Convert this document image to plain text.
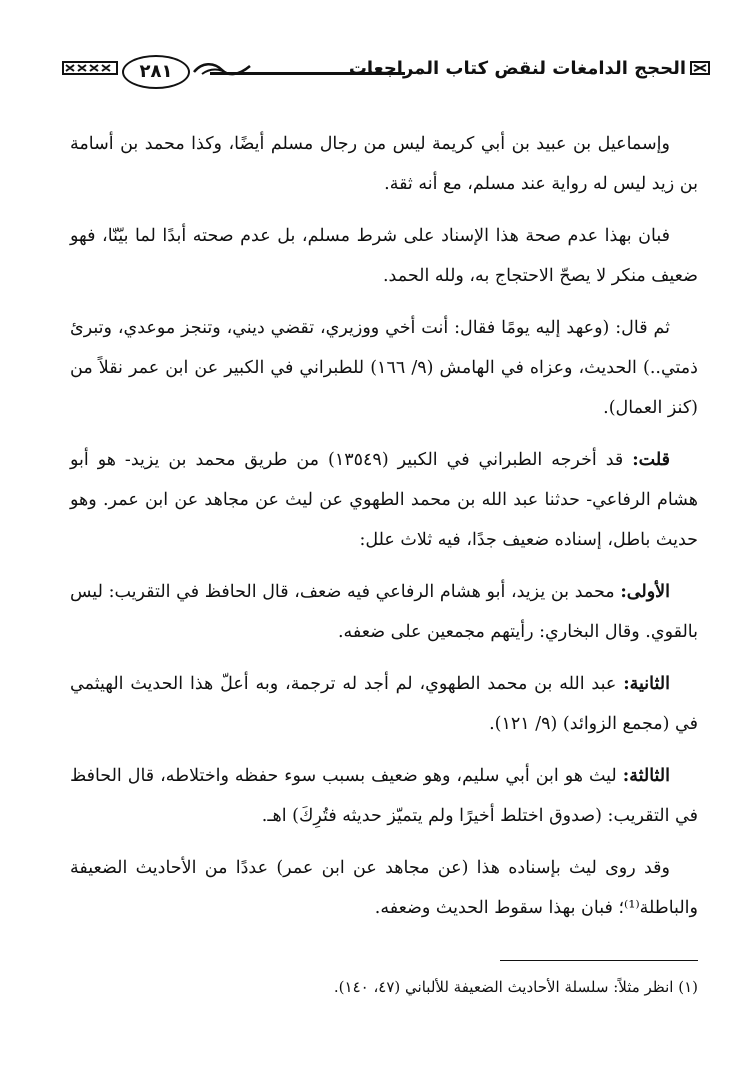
الحجج الدامغات لنقض كتاب المراجعات
٢٨١

وإسماعيل بن عبيد بن أبي كريمة ليس من رجال مسلم أيضًا، وكذا محمد بن أسامة بن زيد ليس له رواية عند مسلم، مع أنه ثقة.

فبان بهذا عدم صحة هذا الإسناد على شرط مسلم، بل عدم صحته أبدًا لما بيّنّا، فهو ضعيف منكر لا يصحّ الاحتجاج به، ولله الحمد.

ثم قال: (وعهد إليه يومًا فقال: أنت أخي ووزيري، تقضي ديني، وتنجز موعدي، وتبرئ ذمتي..) الحديث، وعزاه في الهامش (٩/ ١٦٦) للطبراني في الكبير عن ابن عمر نقلاً من (كنز العمال).

قلت: قد أخرجه الطبراني في الكبير (١٣٥٤٩) من طريق محمد بن يزيد- هو أبو هشام الرفاعي- حدثنا عبد الله بن محمد الطهوي عن ليث عن مجاهد عن ابن عمر. وهو حديث باطل، إسناده ضعيف جدًا، فيه ثلاث علل:

الأولى: محمد بن يزيد، أبو هشام الرفاعي فيه ضعف، قال الحافظ في التقريب: ليس بالقوي. وقال البخاري: رأيتهم مجمعين على ضعفه.

الثانية: عبد الله بن محمد الطهوي، لم أجد له ترجمة، وبه أعلّ هذا الحديث الهيثمي في (مجمع الزوائد) (٩/ ١٢١).

الثالثة: ليث هو ابن أبي سليم، وهو ضعيف بسبب سوء حفظه واختلاطه، قال الحافظ في التقريب: (صدوق اختلط أخيرًا ولم يتميّز حديثه فتُرِكَ) اهـ.

وقد روى ليث بإسناده هذا (عن مجاهد عن ابن عمر) عددًا من الأحاديث الضعيفة والباطلة⁽¹⁾؛ فبان بهذا سقوط الحديث وضعفه.

(١) انظر مثلاً: سلسلة الأحاديث الضعيفة للألباني (٤٧، ١٤٠).
